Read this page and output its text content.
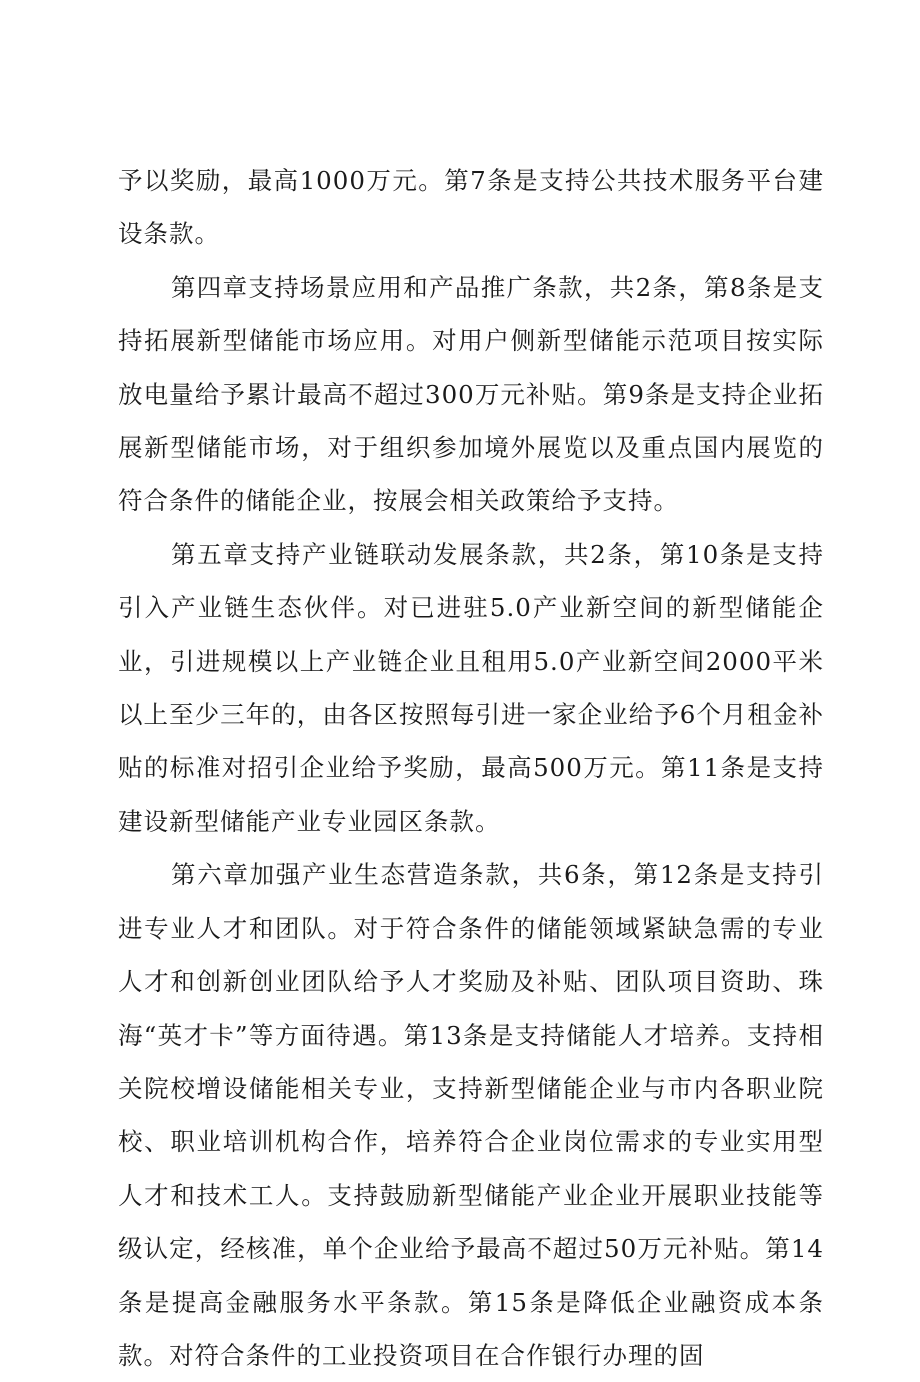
予以奖励，最高1000万元。第7条是支持公共技术服务平台建设条款。

第四章支持场景应用和产品推广条款，共2条，第8条是支持拓展新型储能市场应用。对用户侧新型储能示范项目按实际放电量给予累计最高不超过300万元补贴。第9条是支持企业拓展新型储能市场，对于组织参加境外展览以及重点国内展览的符合条件的储能企业，按展会相关政策给予支持。

第五章支持产业链联动发展条款，共2条，第10条是支持引入产业链生态伙伴。对已进驻5.0产业新空间的新型储能企业，引进规模以上产业链企业且租用5.0产业新空间2000平米以上至少三年的，由各区按照每引进一家企业给予6个月租金补贴的标准对招引企业给予奖励，最高500万元。第11条是支持建设新型储能产业专业园区条款。

第六章加强产业生态营造条款，共6条，第12条是支持引进专业人才和团队。对于符合条件的储能领域紧缺急需的专业人才和创新创业团队给予人才奖励及补贴、团队项目资助、珠海“英才卡”等方面待遇。第13条是支持储能人才培养。支持相关院校增设储能相关专业，支持新型储能企业与市内各职业院校、职业培训机构合作，培养符合企业岗位需求的专业实用型人才和技术工人。支持鼓励新型储能产业企业开展职业技能等级认定，经核准，单个企业给予最高不超过50万元补贴。第14条是提高金融服务水平条款。第15条是降低企业融资成本条款。对符合条件的工业投资项目在合作银行办理的固
